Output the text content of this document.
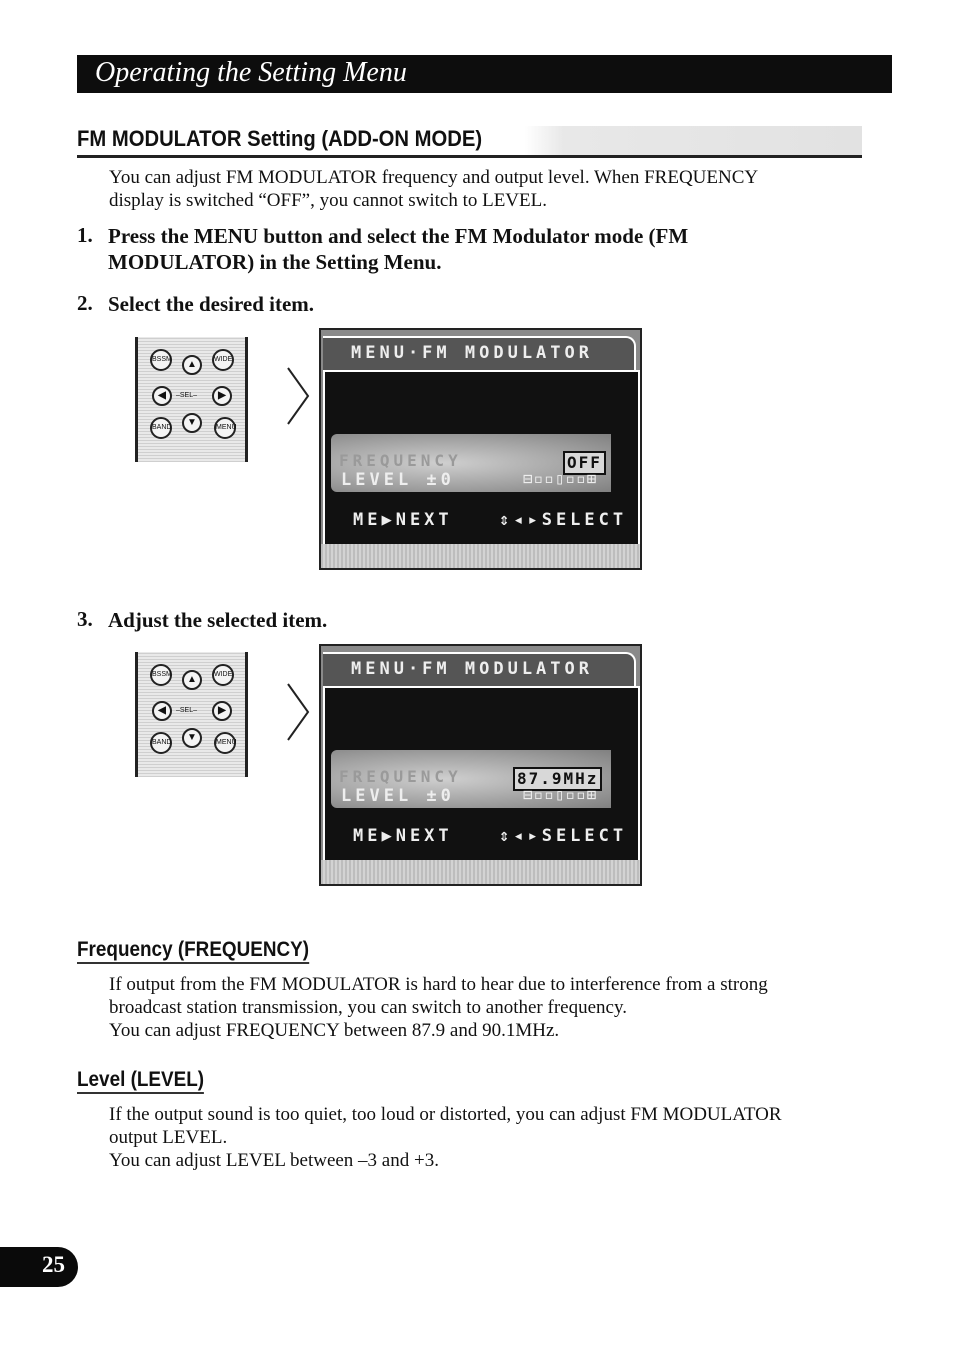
Operating the Setting Menu
FM MODULATOR Setting (ADD-ON MODE)
You can adjust FM MODULATOR frequency and output level. When FREQUENCY
display is switched “OFF”, you cannot switch to LEVEL.
1. Press the MENU button and select the FM Modulator mode (FM
MODULATOR) in the Setting Menu.
2. Select the desired item.
BSSM	▲	WIDE
◀	–SEL–	▶
BAND	▼	MENU
MENU·FM MODULATOR
FREQUENCY	OFF
LEVEL ±0	⊟▫▫▯▫▫⊞
ME▶NEXT	⇕◂▸SELECT
3. Adjust the selected item.
BSSM	▲	WIDE
◀	–SEL–	▶
BAND	▼	MENU
MENU·FM MODULATOR
FREQUENCY	87.9MHz
LEVEL ±0	⊟▫▫▯▫▫⊞
ME▶NEXT	⇕◂▸SELECT
Frequency (FREQUENCY)
If output from the FM MODULATOR is hard to hear due to interference from a strong
broadcast station transmission, you can switch to another frequency.
You can adjust FREQUENCY between 87.9 and 90.1MHz.
Level (LEVEL)
If the output sound is too quiet, too loud or distorted, you can adjust FM MODULATOR
output LEVEL.
You can adjust LEVEL between –3 and +3.
25
